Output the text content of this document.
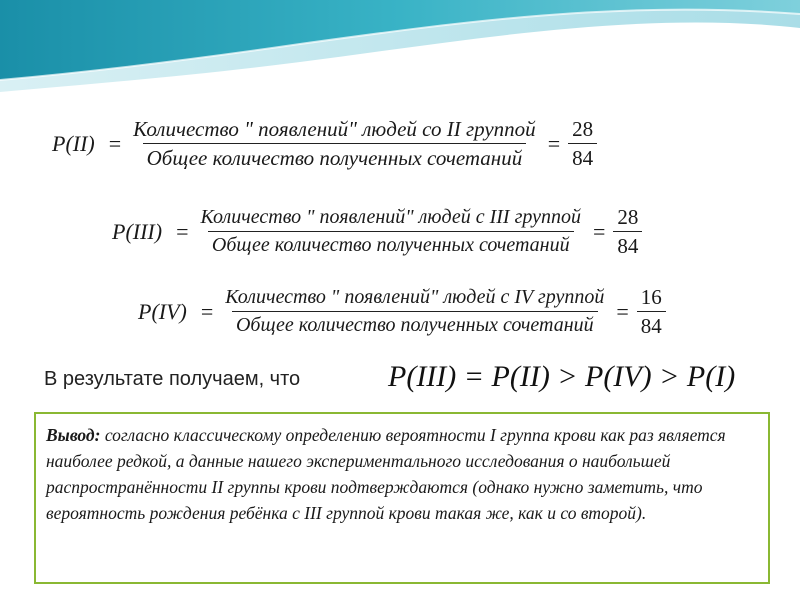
$P(II) = \frac{\text{Количество " появлений" людей со II группой}}{\text{Общее количество полученных сочетаний}} = \frac{28}{84}$
$P(III) = \frac{\text{Количество " появлений" людей с III группой}}{\text{Общее количество полученных сочетаний}} = \frac{28}{84}$
$P(IV) = \frac{\text{Количество " появлений" людей с IV группой}}{\text{Общее количество полученных сочетаний}} = \frac{16}{84}$
В результате получаем, что	P(III) = P(II) > P(IV) > P(I)
Вывод: согласно классическому определению вероятности I группа крови как раз является наиболее редкой, а данные нашего экспериментального исследования о наибольшей распространённости II группы крови подтверждаются (однако нужно заметить, что вероятность рождения ребёнка с III группой крови такая же, как и со второй).
